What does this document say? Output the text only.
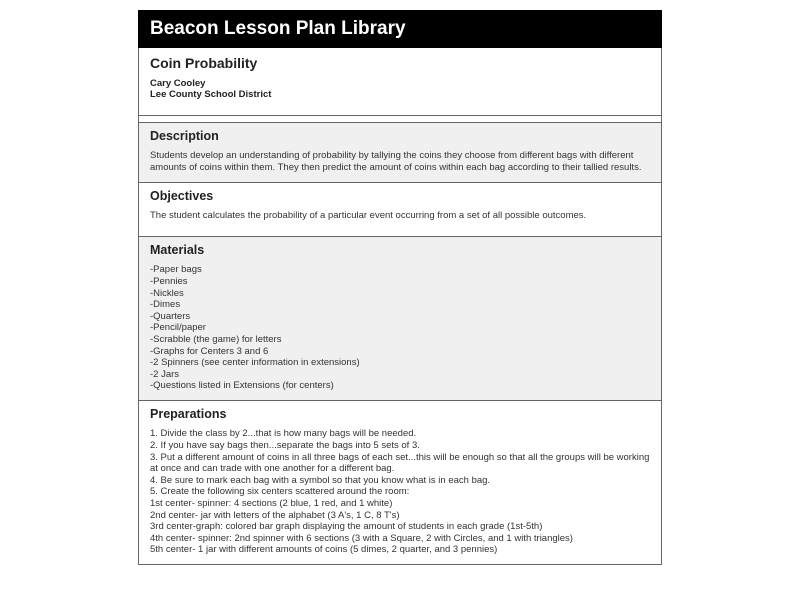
Beacon Lesson Plan Library
Coin Probability
Cary Cooley
Lee County School District
Description
Students develop an understanding of probability by tallying the coins they choose from different bags with different amounts of coins within them. They then predict the amount of coins within each bag according to their tallied results.
Objectives
The student calculates the probability of a particular event occurring from a set of all possible outcomes.
Materials
-Paper bags
-Pennies
-Nickles
-Dimes
-Quarters
-Pencil/paper
-Scrabble (the game) for letters
-Graphs for Centers 3 and 6
-2 Spinners (see center information in extensions)
-2 Jars
-Questions listed in Extensions (for centers)
Preparations
1. Divide the class by 2...that is how many bags will be needed.
2. If you have say bags then...separate the bags into 5 sets of 3.
3. Put a different amount of coins in all three bags of each set...this will be enough so that all the groups will be working at once and can trade with one another for a different bag.
4. Be sure to mark each bag with a symbol so that you know what is in each bag.
5. Create the following six centers scattered around the room:
1st center- spinner: 4 sections (2 blue, 1 red, and 1 white)
2nd center- jar with letters of the alphabet (3 A's, 1 C, 8 T's)
3rd center-graph: colored bar graph displaying the amount of students in each grade (1st-5th)
4th center- spinner: 2nd spinner with 6 sections (3 with a Square, 2 with Circles, and 1 with triangles)
5th center- 1 jar with different amounts of coins (5 dimes, 2 quarter, and 3 pennies)
